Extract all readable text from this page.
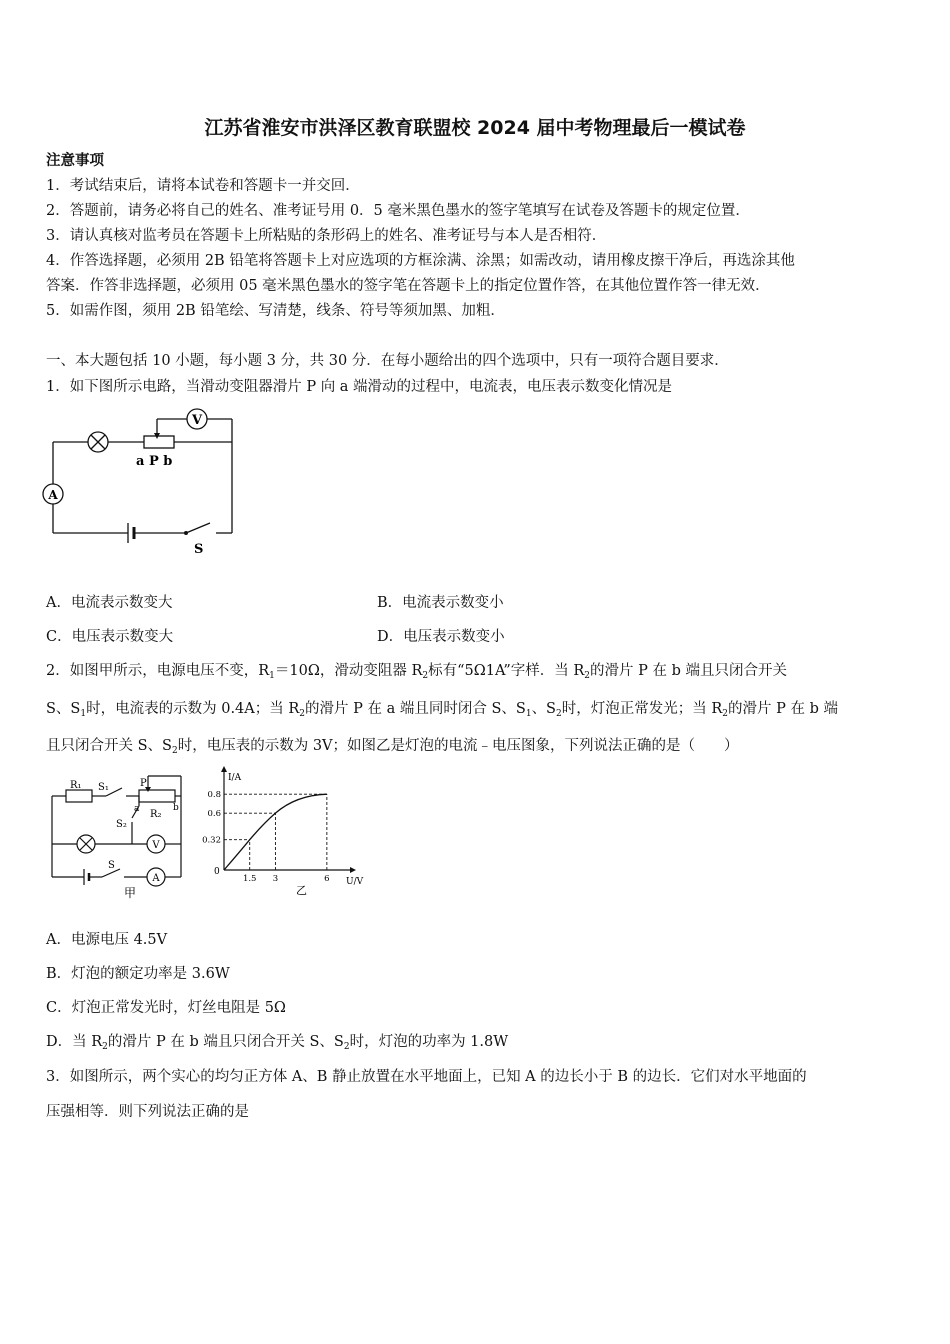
江苏省淮安市洪泽区教育联盟校 2024 届中考物理最后一模试卷
注意事项
1．考试结束后，请将本试卷和答题卡一并交回．
2．答题前，请务必将自己的姓名、准考证号用 0．5 毫米黑色墨水的签字笔填写在试卷及答题卡的规定位置．
3．请认真核对监考员在答题卡上所粘贴的条形码上的姓名、准考证号与本人是否相符．
4．作答选择题，必须用 2B 铅笔将答题卡上对应选项的方框涂满、涂黑；如需改动，请用橡皮擦干净后，再选涂其他
答案．作答非选择题，必须用 05 毫米黑色墨水的签字笔在答题卡上的指定位置作答，在其他位置作答一律无效．
5．如需作图，须用 2B 铅笔绘、写清楚，线条、符号等须加黑、加粗．
一、本大题包括 10 小题，每小题 3 分，共 30 分．在每小题给出的四个选项中，只有一项符合题目要求．
1．如下图所示电路，当滑动变阻器滑片 P 向 a 端滑动的过程中，电流表，电压表示数变化情况是
V
A
a P b
S
A．电流表示数变大	B．电流表示数变小
C．电压表示数变大	D．电压表示数变小
2．如图甲所示，电源电压不变，$R_1=10\Omega$，滑动变阻器 $R_2$标有“5Ω1A”字样．当 $R_2$的滑片 P 在 b 端且只闭合开关
S、$S_1$时，电流表的示数为 0.4A；当 $R_2$的滑片 P 在 a 端且同时闭合 S、$S_1$、$S_2$时，灯泡正常发光；当 $R_2$的滑片 P 在 b 端
且只闭合开关 S、$S_2$时，电压表的示数为 3V；如图乙是灯泡的电流﹣电压图象，下列说法正确的是（　　）
R₁ S₁	P
a	b
R₂
S₂
V
A
S
甲
I/A
U/V
0
1.5
0.32
3
0.6
6
0.8
乙
A．电源电压 4.5V
B．灯泡的额定功率是 3.6W
C．灯泡正常发光时，灯丝电阻是 5Ω
D．当 $R_2$的滑片 P 在 b 端且只闭合开关 S、$S_2$时，灯泡的功率为 1.8W
3．如图所示，两个实心的均匀正方体 A、B 静止放置在水平地面上，已知 A 的边长小于 B 的边长．它们对水平地面的
压强相等．则下列说法正确的是
